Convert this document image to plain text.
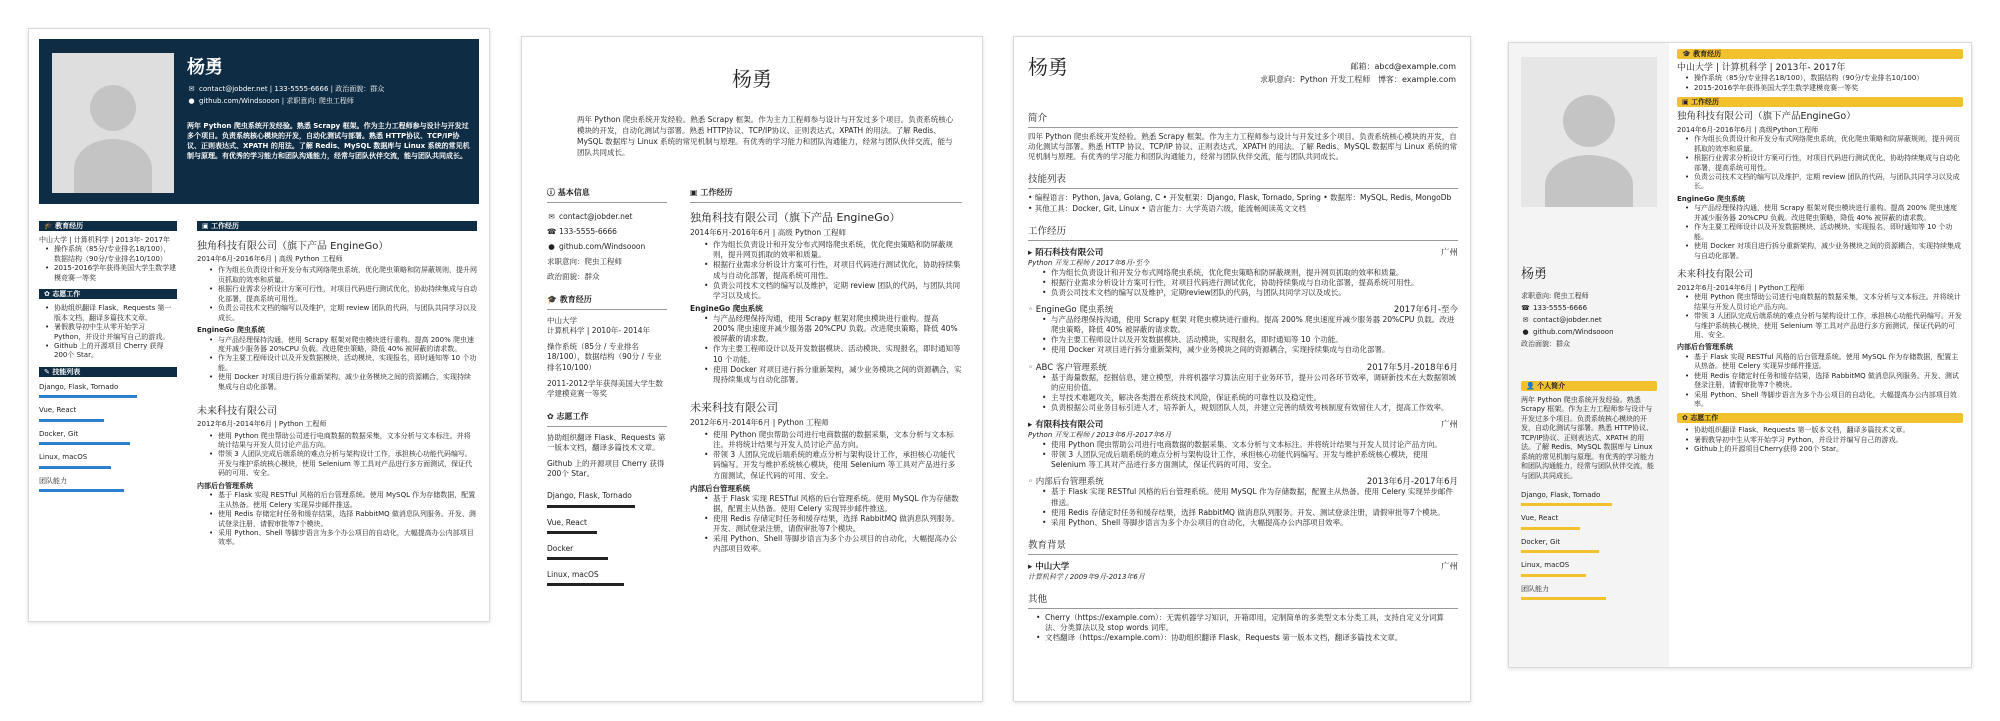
杨勇
✉ contact@jobder.net | 133-5555-6666 | 政治面貌：群众
● github.com/Windsooon | 求职意向: 爬虫工程师
两年 Python 爬虫系统开发经验。熟悉 Scrapy 框架。作为主力工程师参与设计与开发过多个项目。负责系统核心模块的开发，自动化测试与部署。熟悉 HTTP协议、TCP/IP协议、正则表达式、XPATH 的用法。了解 Redis、MySQL 数据库与 Linux 系统的常见机制与原理。有优秀的学习能力和团队沟通能力，经常与团队伙伴交流，能与团队共同成长。
🎓 教育经历
中山大学 | 计算机科学 | 2013年- 2017年
• 操作系统（85分/专业排名18/100），数据结构（90分/专业排名10/100）
• 2015-2016学年获得美国大学生数学建模竞赛一等奖
✿ 志愿工作
• 协助组织翻译 Flask、Requests 第一版本文档，翻译多篇技术文章。
• 暑假教导初中生从零开始学习 Python，并设计并编写自己的游戏。
• Github 上的开源项目 Cherry 获得 200个 Star。
✎ 技能列表
Django, Flask, Tornado
Vue, React
Docker, Git
Linux, macOS
团队能力
▣ 工作经历
独角科技有限公司（旗下产品 EngineGo）
2014年6月-2016年6月 | 高级 Python 工程师
• 作为组长负责设计和开发分布式网络爬虫系统，优化爬虫策略和防屏蔽规则，提升网页抓取的效率和质量。
• 根据行业需求分析设计方案可行性，对项目代码进行测试优化，协助持续集成与自动化部署，提高系统可用性。
• 负责公司技术文档的编写以及维护，定期 review 团队的代码，与团队共同学习以及成长。
EngineGo 爬虫系统
• 与产品经理保持沟通，使用 Scrapy 框架对爬虫模块进行重构。提高 200% 爬虫速度并减少服务器 20%CPU 负载。改进爬虫策略，降低 40% 被屏蔽的请求数。
• 作为主要工程师设计以及开发数据模块、活动模块、实现报名，即时通知等 10 个功能。
• 使用 Docker 对项目进行拆分重新架构，减少业务模块之间的资源耦合，实现持续集成与自动化部署。
未来科技有限公司
2012年6月-2014年6月 | Python 工程师
• 使用 Python 爬虫帮助公司进行电商数据的数据采集，文本分析与文本标注。并将统计结果与开发人员讨论产品方向。
• 带领 3 人团队完成后端系统的难点分析与架构设计工作，承担核心功能代码编写。开发与维护系统核心模块，使用 Selenium 等工具对产品进行多方面测试，保证代码的可用、安全。
内部后台管理系统
• 基于 Flask 实现 RESTful 风格的后台管理系统。使用 MySQL 作为存储数据，配置主从热备。使用 Celery 实现异步邮件推送。
• 使用 Redis 存储定时任务和缓存结果，选择 RabbitMQ 做消息队列服务。开发、测试登录注册，请假审批等7个模块。
• 采用 Python、Shell 等脚步语言为多个办公项目的自动化，大幅提高办公内部项目效率。
杨勇
两年 Python 爬虫系统开发经验。熟悉 Scrapy 框架。作为主力工程师参与设计与开发过多个项目。负责系统核心模块的开发，自动化测试与部署。熟悉 HTTP协议、TCP/IP协议、正则表达式、XPATH 的用法。了解 Redis、MySQL 数据库与 Linux 系统的常见机制与原理。有优秀的学习能力和团队沟通能力，经常与团队伙伴交流，能与团队共同成长。
ⓘ 基本信息
✉ contact@jobder.net
☎ 133-5555-6666
● github.com/Windsooon
求职意向：爬虫工程师
政治面貌：群众
🎓 教育经历
中山大学
计算机科学 | 2010年- 2014年
操作系统（85分 / 专业排名18/100），数据结构（90分 / 专业排名10/100）
2011-2012学年获得美国大学生数学建模竞赛一等奖
✿ 志愿工作
协助组织翻译 Flask、Requests 第一版本文档，翻译多篇技术文章。
Github 上的开源项目 Cherry 获得 200个 Star。
Django, Flask, Tornado
Vue, React
Docker
Linux, macOS
▣ 工作经历
独角科技有限公司（旗下产品 EngineGo）
2014年6月-2016年6月 | 高级 Python 工程师
• 作为组长负责设计和开发分布式网络爬虫系统，优化爬虫策略和防屏蔽规则，提升网页抓取的效率和质量。
• 根据行业需求分析设计方案可行性，对项目代码进行测试优化，协助持续集成与自动化部署，提高系统可用性。
• 负责公司技术文档的编写以及维护，定期 review 团队的代码，与团队共同学习以及成长。
EngineGo 爬虫系统
• 与产品经理保持沟通，使用 Scrapy 框架对爬虫模块进行重构。提高 200% 爬虫速度并减少服务器 20%CPU 负载。改进爬虫策略，降低 40% 被屏蔽的请求数。
• 作为主要工程师设计以及开发数据模块、活动模块、实现报名，即时通知等 10 个功能。
• 使用 Docker 对项目进行拆分重新架构，减少业务模块之间的资源耦合，实现持续集成与自动化部署。
未来科技有限公司
2012年6月-2014年6月 | Python 工程师
• 使用 Python 爬虫帮助公司进行电商数据的数据采集，文本分析与文本标注。并将统计结果与开发人员讨论产品方向。
• 带领 3 人团队完成后端系统的难点分析与架构设计工作，承担核心功能代码编写。开发与维护系统核心模块，使用 Selenium 等工具对产品进行多方面测试，保证代码的可用、安全。
内部后台管理系统
• 基于 Flask 实现 RESTful 风格的后台管理系统。使用 MySQL 作为存储数据，配置主从热备。使用 Celery 实现异步邮件推送。
• 使用 Redis 存储定时任务和缓存结果，选择 RabbitMQ 做消息队列服务。开发、测试登录注册，请假审批等7个模块。
• 采用 Python、Shell 等脚步语言为多个办公项目的自动化，大幅提高办公内部项目效率。
杨勇	邮箱：abcd@example.com
求职意向：Python 开发工程师 博客：example.com
简介
四年 Python 爬虫系统开发经验。熟悉 Scrapy 框架。作为主力工程师参与设计与开发过多个项目。负责系统核心模块的开发，自动化测试与部署。熟悉 HTTP 协议、TCP/IP 协议、正则表达式、XPATH 的用法。了解 Redis、MySQL 数据库与 Linux 系统的常见机制与原理。有优秀的学习能力和团队沟通能力，经常与团队伙伴交流，能与团队共同成长。
技能列表
• 编程语言：Python, Java, Golang, C • 开发框架：Django, Flask, Tornado, Spring • 数据库：MySQL, Redis, MongoDb
• 其他工具：Docker, Git, Linux • 语言能力：大学英语六级，能流畅阅读英文文档
工作经历
▸ 陌石科技有限公司	广州
Python 开发工程师 / 2017年6月-至今
• 作为组长负责设计和开发分布式网络爬虫系统，优化爬虫策略和防屏蔽规则，提升网页抓取的效率和质量。
• 根据行业需求分析设计方案可行性，对项目代码进行测试优化，协助持续集成与自动化部署，提高系统可用性。
• 负责公司技术文档的编写以及维护，定期review团队的代码，与团队共同学习以及成长。
◦ EngineGo 爬虫系统	2017年6月-至今
• 与产品经理保持沟通，使用 Scrapy 框架 对爬虫模块进行重构。提高 200% 爬虫速度并减少服务器 20%CPU 负载。改进爬虫策略，降低 40% 被屏蔽的请求数。
• 作为主要工程师设计以及开发数据模块、活动模块，实现报名，即时通知等 10 个功能。
• 使用 Docker 对项目进行拆分重新架构，减少业务模块之间的资源耦合，实现持续集成与自动化部署。
◦ ABC 客户管理系统	2017年5月-2018年6月
• 基于海量数据，挖掘信息，建立模型，并将机器学习算法应用于业务环节，提升公司各环节效率，调研新技术在大数据领域的应用价值。
• 主导技术难题攻关，解决各类潜在系统技术风险，保证系统的可靠性以及稳定性。
• 负责根据公司业务目标引进人才，培养新人，规划团队人员，并建立完善的绩效考核制度有效留住人才，提高工作效率。
▸ 有限科技有限公司	广州
Python 开发工程师 / 2013年6月-2017年6月
• 使用 Python 爬虫帮助公司进行电商数据的数据采集、文本分析与文本标注。并将统计结果与开发人员讨论产品方向。
• 带领 3 人团队完成后端系统的难点分析与架构设计工作，承担核心功能代码编写。开发与维护系统核心模块，使用 Selenium 等工具对产品进行多方面测试，保证代码的可用、安全。
◦ 内部后台管理系统	2013年6月-2017年6月
• 基于 Flask 实现 RESTful 风格的后台管理系统。使用 MySQL 作为存储数据，配置主从热备。使用 Celery 实现异步邮件推送。
• 使用 Redis 存储定时任务和缓存结果，选择 RabbitMQ 做消息队列服务。开发、测试登录注册，请假审批等7个模块。
• 采用 Python、Shell 等脚步语言为多个办公项目的自动化，大幅提高办公内部项目效率。
教育背景
▸ 中山大学	广州
计算机科学 / 2009年9月-2013年6月
其他
• Cherry（https://example.com）：无需机器学习知识，开箱即用，定制简单的多类型文本分类工具，支持自定义分词算法、分类算法以及 stop words 词库。
• 文档翻译（https://example.com）：协助组织翻译 Flask、Requests 第一版本文档，翻译多篇技术文章。
杨勇
求职意向: 爬虫工程师
☎ 133-5555-6666
✉ contact@jobder.net
● github.com/Windsooon
政治面貌：群众
👤 个人简介
两年 Python 爬虫系统开发经验。熟悉 Scrapy 框架。作为主力工程师参与设计与开发过多个项目。负责系统核心模块的开发，自动化测试与部署。熟悉 HTTP协议、TCP/IP协议、正则表达式、XPATH 的用法。了解 Redis、MySQL 数据库与 Linux 系统的常见机制与原理。有优秀的学习能力和团队沟通能力，经常与团队伙伴交流，能与团队共同成长。
Django, Flask, Tornado
Vue, React
Docker, Git
Linux, macOS
团队能力
🎓 教育经历
中山大学 | 计算机科学 | 2013年- 2017年
• 操作系统（85分/专业排名18/100），数据结构（90分/专业排名10/100）
• 2015-2016学年获得美国大学生数学建模竞赛一等奖
▣ 工作经历
独角科技有限公司（旗下产品EngineGo）
2014年6月-2016年6月 | 高级Python工程师
• 作为组长负责设计和开发分布式网络爬虫系统，优化爬虫策略和防屏蔽规则，提升网页抓取的效率和质量。
• 根据行业需求分析设计方案可行性，对项目代码进行测试优化，协助持续集成与自动化部署，提高系统可用性。
• 负责公司技术文档的编写以及维护，定期 review 团队的代码，与团队共同学习以及成长。
EngineGo 爬虫系统
• 与产品经理保持沟通，使用 Scrapy 框架对爬虫模块进行重构。提高 200% 爬虫速度并减少服务器 20%CPU 负载。改进爬虫策略，降低 40% 被屏蔽的请求数。
• 作为主要工程师设计以及开发数据模块、活动模块、实现报名，即时通知等 10 个功能。
• 使用 Docker 对项目进行拆分重新架构，减少业务模块之间的资源耦合，实现持续集成与自动化部署。
未来科技有限公司
2012年6月-2014年6月 | Python工程师
• 使用 Python 爬虫帮助公司进行电商数据的数据采集，文本分析与文本标注。并将统计结果与开发人员讨论产品方向。
• 带领 3 人团队完成后端系统的难点分析与架构设计工作，承担核心功能代码编写。开发与维护系统核心模块，使用 Selenium 等工具对产品进行多方面测试，保证代码的可用、安全。
内部后台管理系统
• 基于 Flask 实现 RESTful 风格的后台管理系统。使用 MySQL 作为存储数据，配置主从热备。使用 Celery 实现异步邮件推送。
• 使用 Redis 存储定时任务和缓存结果，选择 RabbitMQ 做消息队列服务。开发、测试登录注册，请假审批等7个模块。
• 采用 Python、Shell 等脚步语言为多个办公项目的自动化，大幅提高办公内部项目效率。
✿ 志愿工作
• 协助组织翻译 Flask、Requests 第一版本文档，翻译多篇技术文章。
• 暑假教导初中生从零开始学习 Python，并设计并编写自己的游戏。
• Github上的开源项目Cherry获得 200个 Star。
